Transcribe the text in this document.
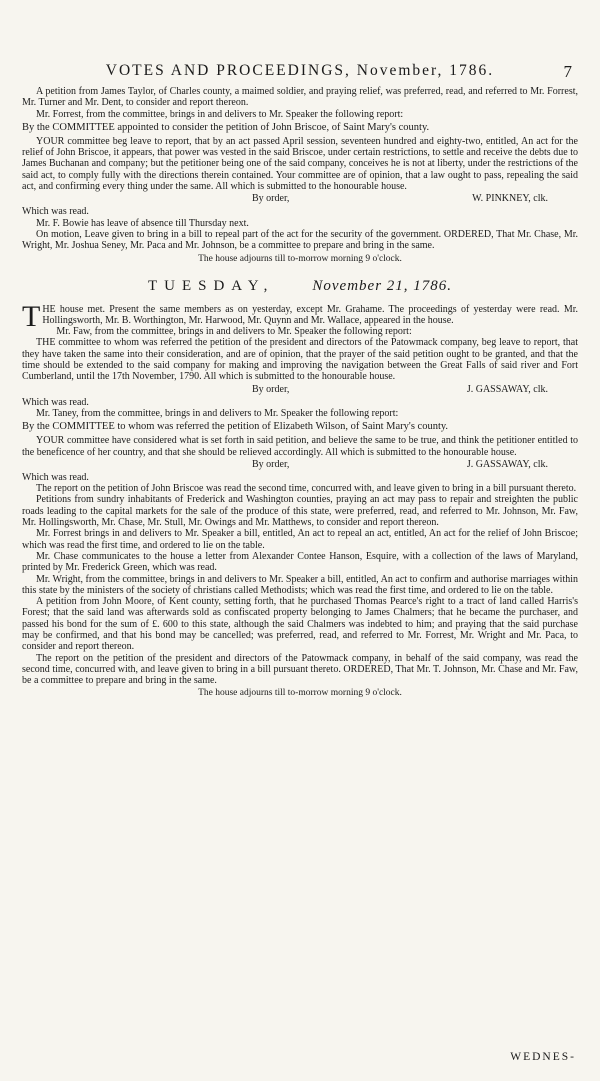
VOTES AND PROCEEDINGS, November, 1786.	7

A petition from James Taylor, of Charles county, a maimed soldier, and praying relief, was preferred, read, and referred to Mr. Forrest, Mr. Turner and Mr. Dent, to consider and report thereon.

Mr. Forrest, from the committee, brings in and delivers to Mr. Speaker the following report:

By the COMMITTEE appointed to consider the petition of John Briscoe, of Saint Mary's county.

YOUR committee beg leave to report, that by an act passed April session, seventeen hundred and eighty-two, entitled, An act for the relief of John Briscoe, it appears, that power was vested in the said Briscoe, under certain restrictions, to settle and receive the debts due to James Buchanan and company; but the petitioner being one of the said company, conceives he is not at liberty, under the restrictions of the said act, to comply fully with the directions therein contained. Your committee are of opinion, that a law ought to pass, repealing the said act, and confirming every thing under the same. All which is submitted to the honourable house.

By order,	W. PINKNEY, clk.

Which was read.

Mr. F. Bowie has leave of absence till Thursday next.

On motion, Leave given to bring in a bill to repeal part of the act for the security of the government. ORDERED, That Mr. Chase, Mr. Wright, Mr. Joshua Seney, Mr. Paca and Mr. Johnson, be a committee to prepare and bring in the same.

The house adjourns till to-morrow morning 9 o'clock.

TUESDAY,	November 21, 1786.

THE house met. Present the same members as on yesterday, except Mr. Grahame. The proceedings of yesterday were read. Mr. Hollingsworth, Mr. B. Worthington, Mr. Harwood, Mr. Quynn and Mr. Wallace, appeared in the house.

Mr. Faw, from the committee, brings in and delivers to Mr. Speaker the following report:

THE committee to whom was referred the petition of the president and directors of the Patowmack company, beg leave to report, that they have taken the same into their consideration, and are of opinion, that the prayer of the said petition ought to be granted, and that the time should be extended to the said company for making and improving the navigation between the Great Falls of said river and Fort Cumberland, until the 17th November, 1790. All which is submitted to the honourable house.

By order,	J. GASSAWAY, clk.

Which was read.

Mr. Taney, from the committee, brings in and delivers to Mr. Speaker the following report:

By the COMMITTEE to whom was referred the petition of Elizabeth Wilson, of Saint Mary's county.

YOUR committee have considered what is set forth in said petition, and believe the same to be true, and think the petitioner entitled to the beneficence of her country, and that she should be relieved accordingly. All which is submitted to the honourable house.

By order,	J. GASSAWAY, clk.

Which was read.

The report on the petition of John Briscoe was read the second time, concurred with, and leave given to bring in a bill pursuant thereto.

Petitions from sundry inhabitants of Frederick and Washington counties, praying an act may pass to repair and streighten the public roads leading to the capital markets for the sale of the produce of this state, were preferred, read, and referred to Mr. Johnson, Mr. Faw, Mr. Hollingsworth, Mr. Chase, Mr. Stull, Mr. Owings and Mr. Matthews, to consider and report thereon.

Mr. Forrest brings in and delivers to Mr. Speaker a bill, entitled, An act to repeal an act, entitled, An act for the relief of John Briscoe; which was read the first time, and ordered to lie on the table.

Mr. Chase communicates to the house a letter from Alexander Contee Hanson, Esquire, with a collection of the laws of Maryland, printed by Mr. Frederick Green, which was read.

Mr. Wright, from the committee, brings in and delivers to Mr. Speaker a bill, entitled, An act to confirm and authorise marriages within this state by the ministers of the society of christians called Methodists; which was read the first time, and ordered to lie on the table.

A petition from John Moore, of Kent county, setting forth, that he purchased Thomas Pearce's right to a tract of land called Harris's Forest; that the said land was afterwards sold as confiscated property belonging to James Chalmers; that he became the purchaser, and passed his bond for the sum of £. 600 to this state, although the said Chalmers was indebted to him; and praying that the said purchase may be confirmed, and that his bond may be cancelled; was preferred, read, and referred to Mr. Forrest, Mr. Wright and Mr. Paca, to consider and report thereon.

The report on the petition of the president and directors of the Patowmack company, in behalf of the said company, was read the second time, concurred with, and leave given to bring in a bill pursuant thereto. ORDERED, That Mr. T. Johnson, Mr. Chase and Mr. Faw, be a committee to prepare and bring in the same.

The house adjourns till to-morrow morning 9 o'clock.

WEDNES-
